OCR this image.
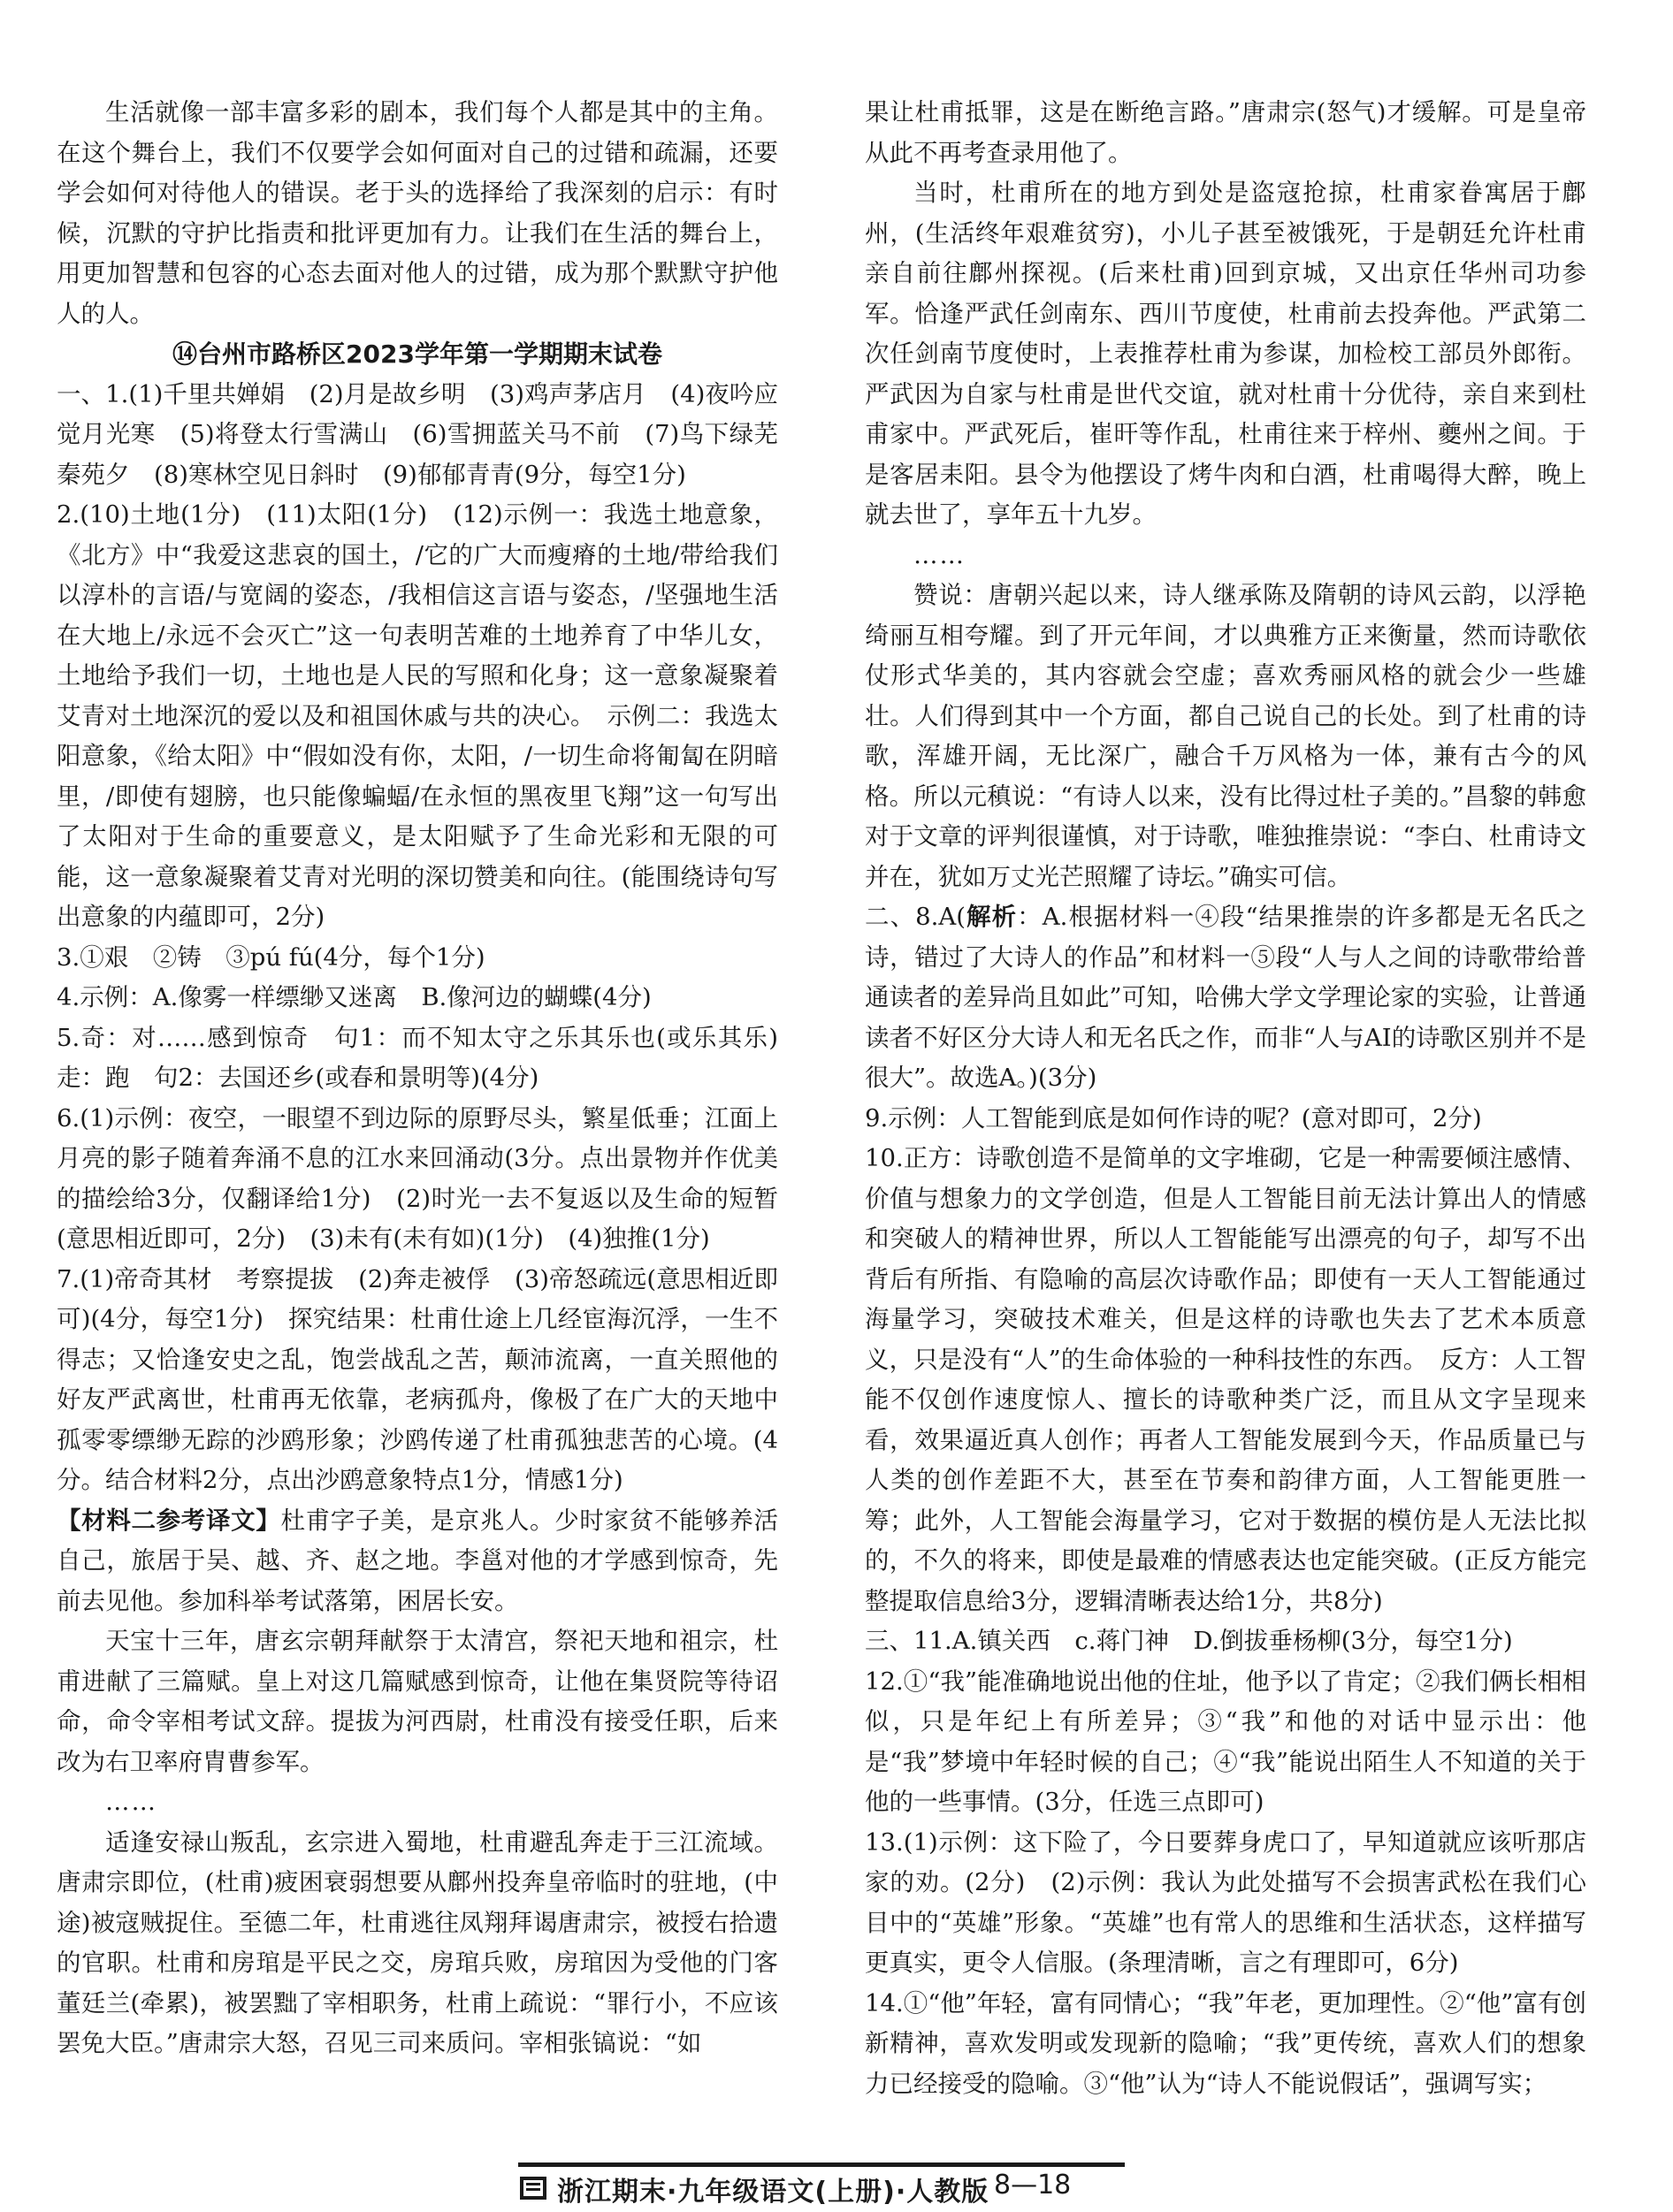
生活就像一部丰富多彩的剧本，我们每个人都是其中的主角。在这个舞台上，我们不仅要学会如何面对自己的过错和疏漏，还要学会如何对待他人的错误。老于头的选择给了我深刻的启示：有时候，沉默的守护比指责和批评更加有力。让我们在生活的舞台上，用更加智慧和包容的心态去面对他人的过错，成为那个默默守护他人的人。

⑭台州市路桥区2023学年第一学期期末试卷

一、1.(1)千里共婵娟　(2)月是故乡明　(3)鸡声茅店月　(4)夜吟应觉月光寒　(5)将登太行雪满山　(6)雪拥蓝关马不前　(7)鸟下绿芜秦苑夕　(8)寒林空见日斜时　(9)郁郁青青(9分，每空1分)

2.(10)土地(1分)　(11)太阳(1分)　(12)示例一：我选土地意象，《北方》中“我爱这悲哀的国土，/它的广大而瘦瘠的土地/带给我们以淳朴的言语/与宽阔的姿态，/我相信这言语与姿态，/坚强地生活在大地上/永远不会灭亡”这一句表明苦难的土地养育了中华儿女，土地给予我们一切，土地也是人民的写照和化身；这一意象凝聚着艾青对土地深沉的爱以及和祖国休戚与共的决心。　示例二：我选太阳意象，《给太阳》中“假如没有你，太阳，/一切生命将匍匐在阴暗里，/即使有翅膀，也只能像蝙蝠/在永恒的黑夜里飞翔”这一句写出了太阳对于生命的重要意义，是太阳赋予了生命光彩和无限的可能，这一意象凝聚着艾青对光明的深切赞美和向往。(能围绕诗句写出意象的内蕴即可，2分)

3.①艰　②铸　③pú fú(4分，每个1分)

4.示例：A.像雾一样缥缈又迷离　B.像河边的蝴蝶(4分)

5.奇：对……感到惊奇　句1：而不知太守之乐其乐也(或乐其乐)　走：跑　句2：去国还乡(或春和景明等)(4分)

6.(1)示例：夜空，一眼望不到边际的原野尽头，繁星低垂；江面上月亮的影子随着奔涌不息的江水来回涌动(3分。点出景物并作优美的描绘给3分，仅翻译给1分)　(2)时光一去不复返以及生命的短暂(意思相近即可，2分)　(3)未有(未有如)(1分)　(4)独推(1分)

7.(1)帝奇其材　考察提拔　(2)奔走被俘　(3)帝怒疏远(意思相近即可)(4分，每空1分)　探究结果：杜甫仕途上几经宦海沉浮，一生不得志；又恰逢安史之乱，饱尝战乱之苦，颠沛流离，一直关照他的好友严武离世，杜甫再无依靠，老病孤舟，像极了在广大的天地中孤零零缥缈无踪的沙鸥形象；沙鸥传递了杜甫孤独悲苦的心境。(4分。结合材料2分，点出沙鸥意象特点1分，情感1分)

【材料二参考译文】杜甫字子美，是京兆人。少时家贫不能够养活自己，旅居于吴、越、齐、赵之地。李邕对他的才学感到惊奇，先前去见他。参加科举考试落第，困居长安。

天宝十三年，唐玄宗朝拜献祭于太清宫，祭祀天地和祖宗，杜甫进献了三篇赋。皇上对这几篇赋感到惊奇，让他在集贤院等待诏命，命令宰相考试文辞。提拔为河西尉，杜甫没有接受任职，后来改为右卫率府胄曹参军。

……

适逢安禄山叛乱，玄宗进入蜀地，杜甫避乱奔走于三江流域。唐肃宗即位，(杜甫)疲困衰弱想要从鄜州投奔皇帝临时的驻地，(中途)被寇贼捉住。至德二年，杜甫逃往凤翔拜谒唐肃宗，被授右拾遗的官职。杜甫和房琯是平民之交，房琯兵败，房琯因为受他的门客董廷兰(牵累)，被罢黜了宰相职务，杜甫上疏说：“罪行小，不应该罢免大臣。”唐肃宗大怒，召见三司来质问。宰相张镐说：“如

果让杜甫抵罪，这是在断绝言路。”唐肃宗(怒气)才缓解。可是皇帝从此不再考查录用他了。

当时，杜甫所在的地方到处是盗寇抢掠，杜甫家眷寓居于鄜州，(生活终年艰难贫穷)，小儿子甚至被饿死，于是朝廷允许杜甫亲自前往鄜州探视。(后来杜甫)回到京城，又出京任华州司功参军。恰逢严武任剑南东、西川节度使，杜甫前去投奔他。严武第二次任剑南节度使时，上表推荐杜甫为参谋，加检校工部员外郎衔。严武因为自家与杜甫是世代交谊，就对杜甫十分优待，亲自来到杜甫家中。严武死后，崔旰等作乱，杜甫往来于梓州、夔州之间。于是客居耒阳。县令为他摆设了烤牛肉和白酒，杜甫喝得大醉，晚上就去世了，享年五十九岁。

……

赞说：唐朝兴起以来，诗人继承陈及隋朝的诗风云韵，以浮艳绮丽互相夸耀。到了开元年间，才以典雅方正来衡量，然而诗歌依仗形式华美的，其内容就会空虚；喜欢秀丽风格的就会少一些雄壮。人们得到其中一个方面，都自己说自己的长处。到了杜甫的诗歌，浑雄开阔，无比深广，融合千万风格为一体，兼有古今的风格。所以元稹说：“有诗人以来，没有比得过杜子美的。”昌黎的韩愈对于文章的评判很谨慎，对于诗歌，唯独推崇说：“李白、杜甫诗文并在，犹如万丈光芒照耀了诗坛。”确实可信。

二、8.A(解析：A.根据材料一④段“结果推崇的许多都是无名氏之诗，错过了大诗人的作品”和材料一⑤段“人与人之间的诗歌带给普通读者的差异尚且如此”可知，哈佛大学文学理论家的实验，让普通读者不好区分大诗人和无名氏之作，而非“人与AI的诗歌区别并不是很大”。故选A。)(3分)

9.示例：人工智能到底是如何作诗的呢？(意对即可，2分)

10.正方：诗歌创造不是简单的文字堆砌，它是一种需要倾注感情、价值与想象力的文学创造，但是人工智能目前无法计算出人的情感和突破人的精神世界，所以人工智能能写出漂亮的句子，却写不出背后有所指、有隐喻的高层次诗歌作品；即使有一天人工智能通过海量学习，突破技术难关，但是这样的诗歌也失去了艺术本质意义，只是没有“人”的生命体验的一种科技性的东西。　反方：人工智能不仅创作速度惊人、擅长的诗歌种类广泛，而且从文字呈现来看，效果逼近真人创作；再者人工智能发展到今天，作品质量已与人类的创作差距不大，甚至在节奏和韵律方面，人工智能更胜一筹；此外，人工智能会海量学习，它对于数据的模仿是人无法比拟的，不久的将来，即使是最难的情感表达也定能突破。(正反方能完整提取信息给3分，逻辑清晰表达给1分，共8分)

三、11.A.镇关西　c.蒋门神　D.倒拔垂杨柳(3分，每空1分)

12.①“我”能准确地说出他的住址，他予以了肯定；②我们俩长相相似，只是年纪上有所差异；③“我”和他的对话中显示出：他是“我”梦境中年轻时候的自己；④“我”能说出陌生人不知道的关于他的一些事情。(3分，任选三点即可)

13.(1)示例：这下险了，今日要葬身虎口了，早知道就应该听那店家的劝。(2分)　(2)示例：我认为此处描写不会损害武松在我们心目中的“英雄”形象。“英雄”也有常人的思维和生活状态，这样描写更真实，更令人信服。(条理清晰，言之有理即可，6分)

14.①“他”年轻，富有同情心；“我”年老，更加理性。②“他”富有创新精神，喜欢发明或发现新的隐喻；“我”更传统，喜欢人们的想象力已经接受的隐喻。③“他”认为“诗人不能说假话”，强调写实；

浙江期末·九年级语文(上册)·人教版 8—18
